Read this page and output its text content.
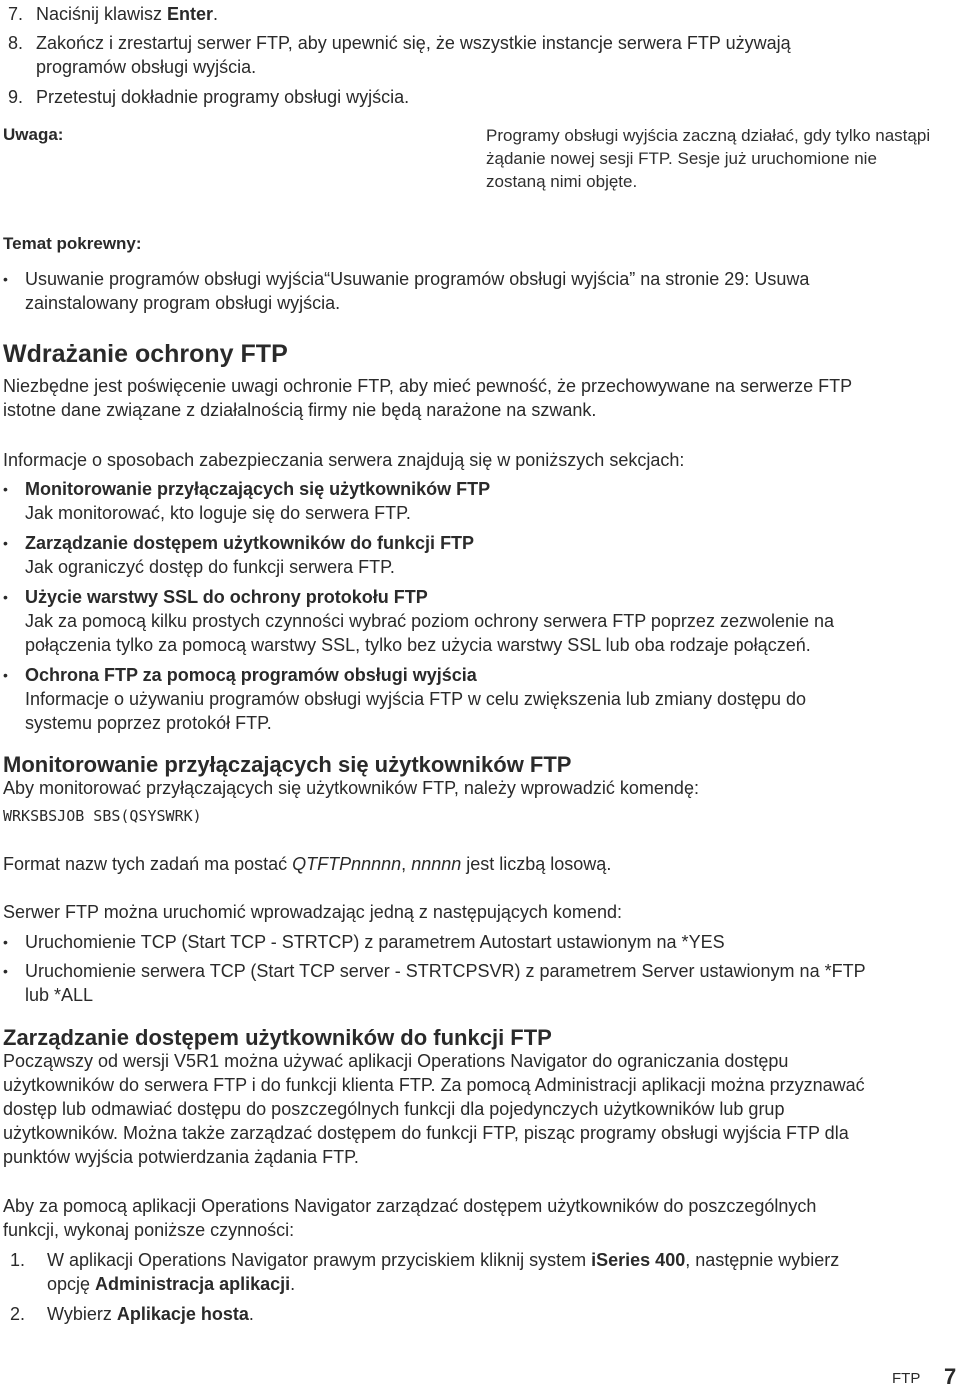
7. Naciśnij klawisz Enter.
8. Zakończ i zrestartuj serwer FTP, aby upewnić się, że wszystkie instancje serwera FTP używają
programów obsługi wyjścia.
9. Przetestuj dokładnie programy obsługi wyjścia.
Uwaga:	Programy obsługi wyjścia zaczną działać, gdy tylko nastąpi
żądanie nowej sesji FTP. Sesje już uruchomione nie
zostaną nimi objęte.
Temat pokrewny:
• Usuwanie programów obsługi wyjścia“Usuwanie programów obsługi wyjścia” na stronie 29: Usuwa
zainstalowany program obsługi wyjścia.
Wdrażanie ochrony FTP
Niezbędne jest poświęcenie uwagi ochronie FTP, aby mieć pewność, że przechowywane na serwerze FTP
istotne dane związane z działalnością firmy nie będą narażone na szwank.
Informacje o sposobach zabezpieczania serwera znajdują się w poniższych sekcjach:
• Monitorowanie przyłączających się użytkowników FTP
Jak monitorować, kto loguje się do serwera FTP.
• Zarządzanie dostępem użytkowników do funkcji FTP
Jak ograniczyć dostęp do funkcji serwera FTP.
• Użycie warstwy SSL do ochrony protokołu FTP
Jak za pomocą kilku prostych czynności wybrać poziom ochrony serwera FTP poprzez zezwolenie na
połączenia tylko za pomocą warstwy SSL, tylko bez użycia warstwy SSL lub oba rodzaje połączeń.
• Ochrona FTP za pomocą programów obsługi wyjścia
Informacje o używaniu programów obsługi wyjścia FTP w celu zwiększenia lub zmiany dostępu do
systemu poprzez protokół FTP.
Monitorowanie przyłączających się użytkowników FTP
Aby monitorować przyłączających się użytkowników FTP, należy wprowadzić komendę:
WRKSBSJOB SBS(QSYSWRK)
Format nazw tych zadań ma postać QTFTPnnnnn, nnnnn jest liczbą losową.
Serwer FTP można uruchomić wprowadzając jedną z następujących komend:
• Uruchomienie TCP (Start TCP - STRTCP) z parametrem Autostart ustawionym na *YES
• Uruchomienie serwera TCP (Start TCP server - STRTCPSVR) z parametrem Server ustawionym na *FTP
lub *ALL
Zarządzanie dostępem użytkowników do funkcji FTP
Począwszy od wersji V5R1 można używać aplikacji Operations Navigator do ograniczania dostępu
użytkowników do serwera FTP i do funkcji klienta FTP. Za pomocą Administracji aplikacji można przyznawać
dostęp lub odmawiać dostępu do poszczególnych funkcji dla pojedynczych użytkowników lub grup
użytkowników. Można także zarządzać dostępem do funkcji FTP, pisząc programy obsługi wyjścia FTP dla
punktów wyjścia potwierdzania żądania FTP.
Aby za pomocą aplikacji Operations Navigator zarządzać dostępem użytkowników do poszczególnych
funkcji, wykonaj poniższe czynności:
1. W aplikacji Operations Navigator prawym przyciskiem kliknij system iSeries 400, następnie wybierz
opcję Administracja aplikacji.
2. Wybierz Aplikacje hosta.
FTP 7
